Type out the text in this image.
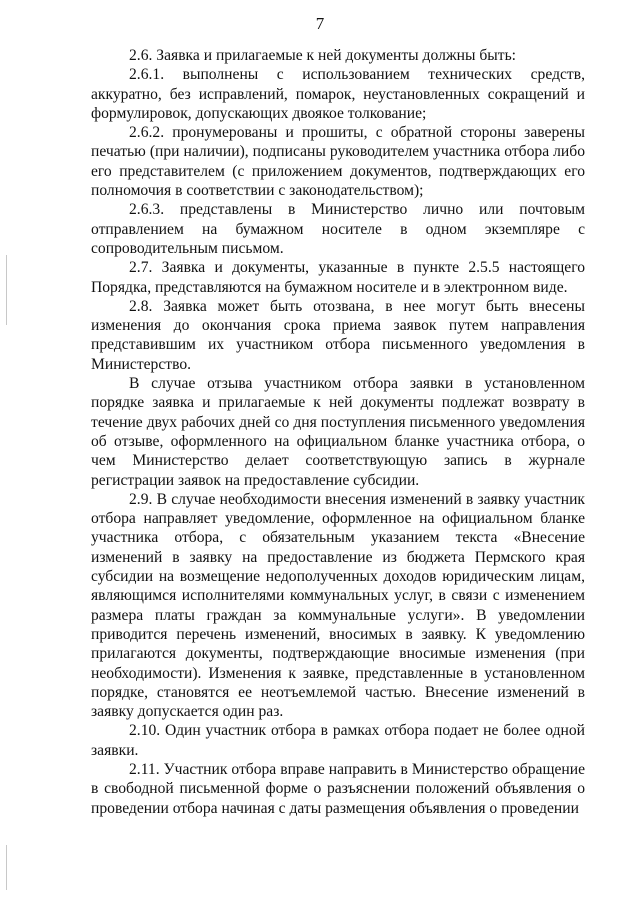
7

2.6. Заявка и прилагаемые к ней документы должны быть:

2.6.1. выполнены с использованием технических средств, аккуратно, без исправлений, помарок, неустановленных сокращений и формулировок, допускающих двоякое толкование;

2.6.2. пронумерованы и прошиты, с обратной стороны заверены печатью (при наличии), подписаны руководителем участника отбора либо его представителем (с приложением документов, подтверждающих его полномочия в соответствии с законодательством);

2.6.3. представлены в Министерство лично или почтовым отправлением на бумажном носителе в одном экземпляре с сопроводительным письмом.

2.7. Заявка и документы, указанные в пункте 2.5.5 настоящего Порядка, представляются на бумажном носителе и в электронном виде.

2.8. Заявка может быть отозвана, в нее могут быть внесены изменения до окончания срока приема заявок путем направления представившим их участником отбора письменного уведомления в Министерство.

В случае отзыва участником отбора заявки в установленном порядке заявка и прилагаемые к ней документы подлежат возврату в течение двух рабочих дней со дня поступления письменного уведомления об отзыве, оформленного на официальном бланке участника отбора, о чем Министерство делает соответствующую запись в журнале регистрации заявок на предоставление субсидии.

2.9. В случае необходимости внесения изменений в заявку участник отбора направляет уведомление, оформленное на официальном бланке участника отбора, с обязательным указанием текста «Внесение изменений в заявку на предоставление из бюджета Пермского края субсидии на возмещение недополученных доходов юридическим лицам, являющимся исполнителями коммунальных услуг, в связи с изменением размера платы граждан за коммунальные услуги». В уведомлении приводится перечень изменений, вносимых в заявку. К уведомлению прилагаются документы, подтверждающие вносимые изменения (при необходимости). Изменения к заявке, представленные в установленном порядке, становятся ее неотъемлемой частью. Внесение изменений в заявку допускается один раз.

2.10. Один участник отбора в рамках отбора подает не более одной заявки.

2.11. Участник отбора вправе направить в Министерство обращение в свободной письменной форме о разъяснении положений объявления о проведении отбора начиная с даты размещения объявления о проведении
